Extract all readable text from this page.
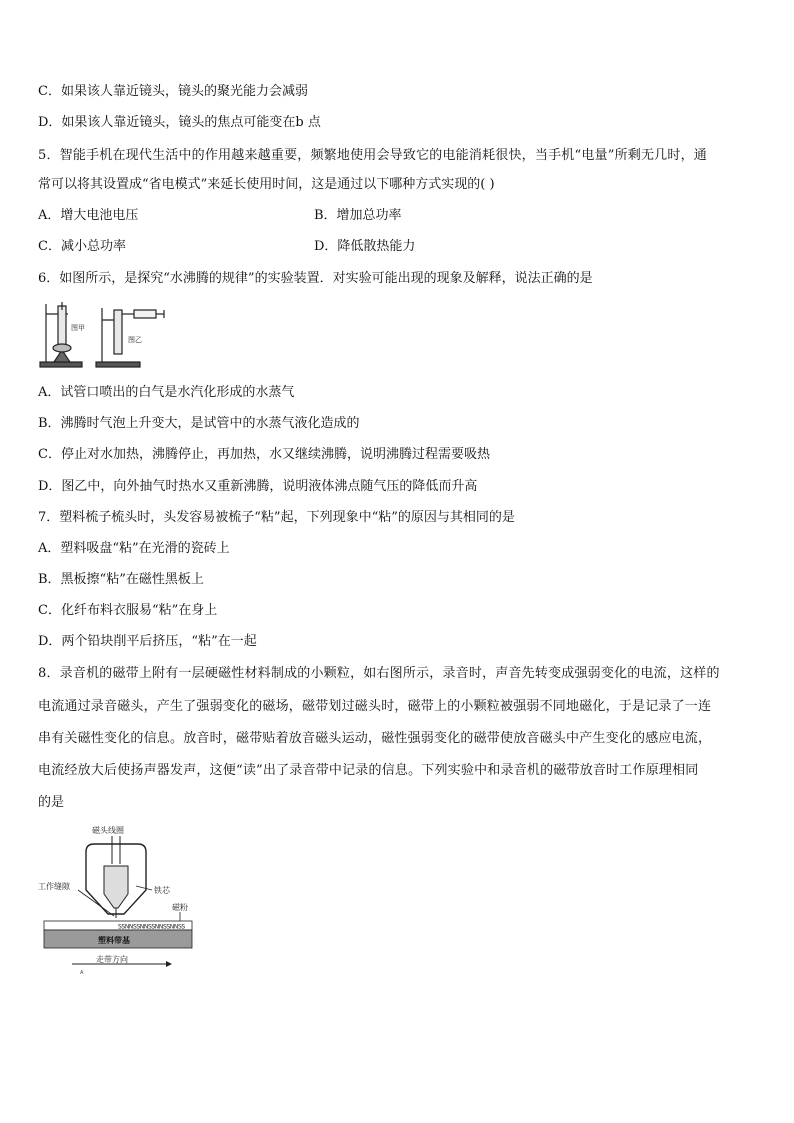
C．如果该人靠近镜头，镜头的聚光能力会减弱
D．如果该人靠近镜头，镜头的焦点可能变在b 点
5．智能手机在现代生活中的作用越来越重要，频繁地使用会导致它的电能消耗很快，当手机“电量”所剩无几时，通
常可以将其设置成“省电模式”来延长使用时间，这是通过以下哪种方式实现的( )
A．增大电池电压	B．增加总功率
C．减小总功率	D．降低散热能力
6．如图所示，是探究“水沸腾的规律”的实验装置．对实验可能出现的现象及解释，说法正确的是
图甲
图乙
A．试管口喷出的白气是水汽化形成的水蒸气
B．沸腾时气泡上升变大，是试管中的水蒸气液化造成的
C．停止对水加热，沸腾停止，再加热，水又继续沸腾，说明沸腾过程需要吸热
D．图乙中，向外抽气时热水又重新沸腾，说明液体沸点随气压的降低而升高
7．塑料梳子梳头时，头发容易被梳子“粘”起，下列现象中“粘”的原因与其相同的是
A．塑料吸盘“粘”在光滑的瓷砖上
B．黑板擦“粘”在磁性黑板上
C．化纤布料衣服易“粘”在身上
D．两个铅块削平后挤压，“粘”在一起
8．录音机的磁带上附有一层硬磁性材料制成的小颗粒，如右图所示，录音时，声音先转变成强弱变化的电流，这样的
电流通过录音磁头，产生了强弱变化的磁场，磁带划过磁头时，磁带上的小颗粒被强弱不同地磁化，于是记录了一连
串有关磁性变化的信息。放音时，磁带贴着放音磁头运动，磁性强弱变化的磁带使放音磁头中产生变化的感应电流，
电流经放大后使扬声器发声，这便“读”出了录音带中记录的信息。下列实验中和录音机的磁带放音时工作原理相同
的是
磁头线圈
铁芯
工作缝隙
磁粉
SSNNSSNNSSNNSSNNSS
塑料带基
走带方向
A
